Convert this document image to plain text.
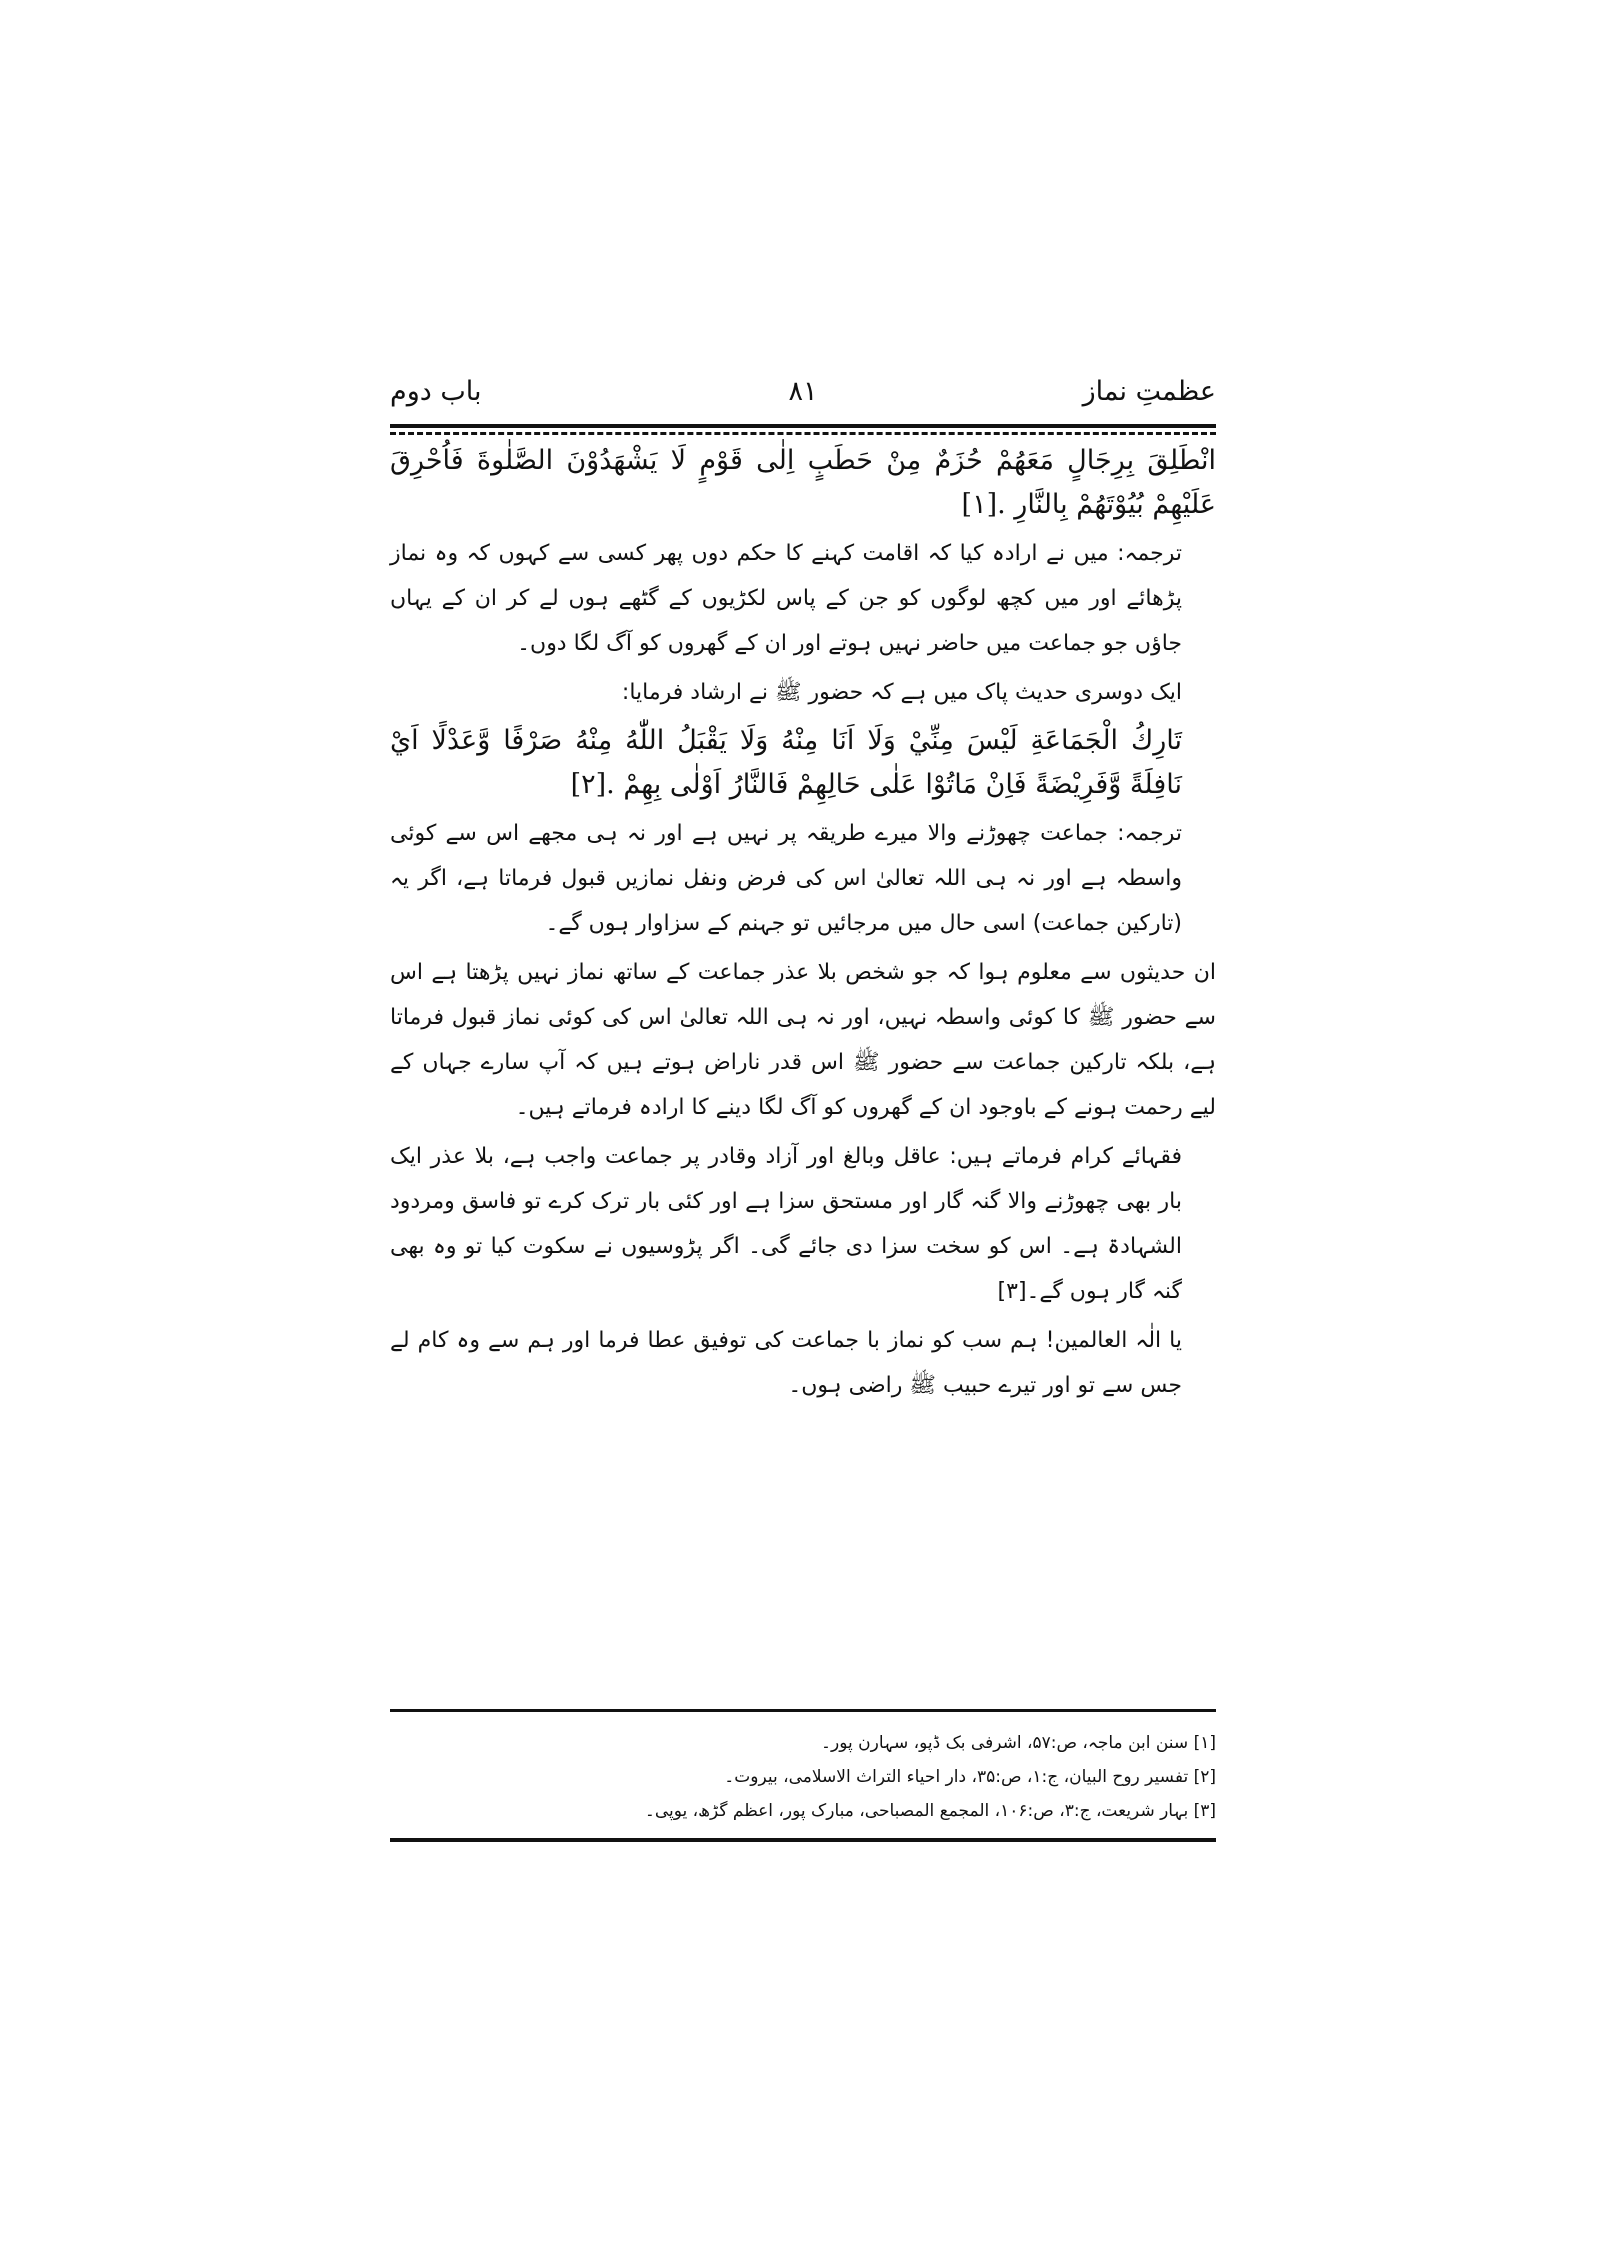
عظمتِ نماز
۸۱
باب دوم

انْطَلِقَ بِرِجَالٍ مَعَهُمْ حُزَمٌ مِنْ حَطَبٍ اِلٰى قَوْمٍ لَا يَشْهَدُوْنَ الصَّلٰوةَ فَاُحْرِقَ عَلَيْهِمْ بُيُوْتَهُمْ بِالنَّارِ .[۱]

ترجمہ: میں نے ارادہ کیا کہ اقامت کہنے کا حکم دوں پھر کسی سے کہوں کہ وہ نماز پڑھائے اور میں کچھ لوگوں کو جن کے پاس لکڑیوں کے گٹھے ہوں لے کر ان کے یہاں جاؤں جو جماعت میں حاضر نہیں ہوتے اور ان کے گھروں کو آگ لگا دوں۔

ایک دوسری حدیث پاک میں ہے کہ حضور ﷺ نے ارشاد فرمایا:

تَارِكُ الْجَمَاعَةِ لَيْسَ مِنِّيْ وَلَا اَنَا مِنْهُ وَلَا يَقْبَلُ اللّٰهُ مِنْهُ صَرْفًا وَّعَدْلًا اَيْ نَافِلَةً وَّفَرِيْضَةً فَاِنْ مَاتُوْا عَلٰى حَالِهِمْ فَالنَّارُ اَوْلٰى بِهِمْ .[۲]

ترجمہ: جماعت چھوڑنے والا میرے طریقہ پر نہیں ہے اور نہ ہی مجھے اس سے کوئی واسطہ ہے اور نہ ہی اللہ تعالیٰ اس کی فرض ونفل نمازیں قبول فرماتا ہے، اگر یہ (تارکین جماعت) اسی حال میں مرجائیں تو جہنم کے سزاوار ہوں گے۔

ان حدیثوں سے معلوم ہوا کہ جو شخص بلا عذر جماعت کے ساتھ نماز نہیں پڑھتا ہے اس سے حضور ﷺ کا کوئی واسطہ نہیں، اور نہ ہی اللہ تعالیٰ اس کی کوئی نماز قبول فرماتا ہے، بلکہ تارکین جماعت سے حضور ﷺ اس قدر ناراض ہوتے ہیں کہ آپ سارے جہاں کے لیے رحمت ہونے کے باوجود ان کے گھروں کو آگ لگا دینے کا ارادہ فرماتے ہیں۔

فقہائے کرام فرماتے ہیں: عاقل وبالغ اور آزاد وقادر پر جماعت واجب ہے، بلا عذر ایک بار بھی چھوڑنے والا گنہ گار اور مستحق سزا ہے اور کئی بار ترک کرے تو فاسق ومردود الشہادۃ ہے۔ اس کو سخت سزا دی جائے گی۔ اگر پڑوسیوں نے سکوت کیا تو وہ بھی گنہ گار ہوں گے۔[۳]

یا الٰہ العالمین! ہم سب کو نماز با جماعت کی توفیق عطا فرما اور ہم سے وہ کام لے جس سے تو اور تیرے حبیب ﷺ راضی ہوں۔

[۱] سنن ابن ماجہ، ص:۵۷، اشرفی بک ڈپو، سہارن پور۔

[۲] تفسیر روح البیان، ج:۱، ص:۳۵، دار احیاء التراث الاسلامی، بیروت۔

[۳] بہار شریعت، ج:۳، ص:۱۰۶، المجمع المصباحی، مبارک پور، اعظم گڑھ، یوپی۔
